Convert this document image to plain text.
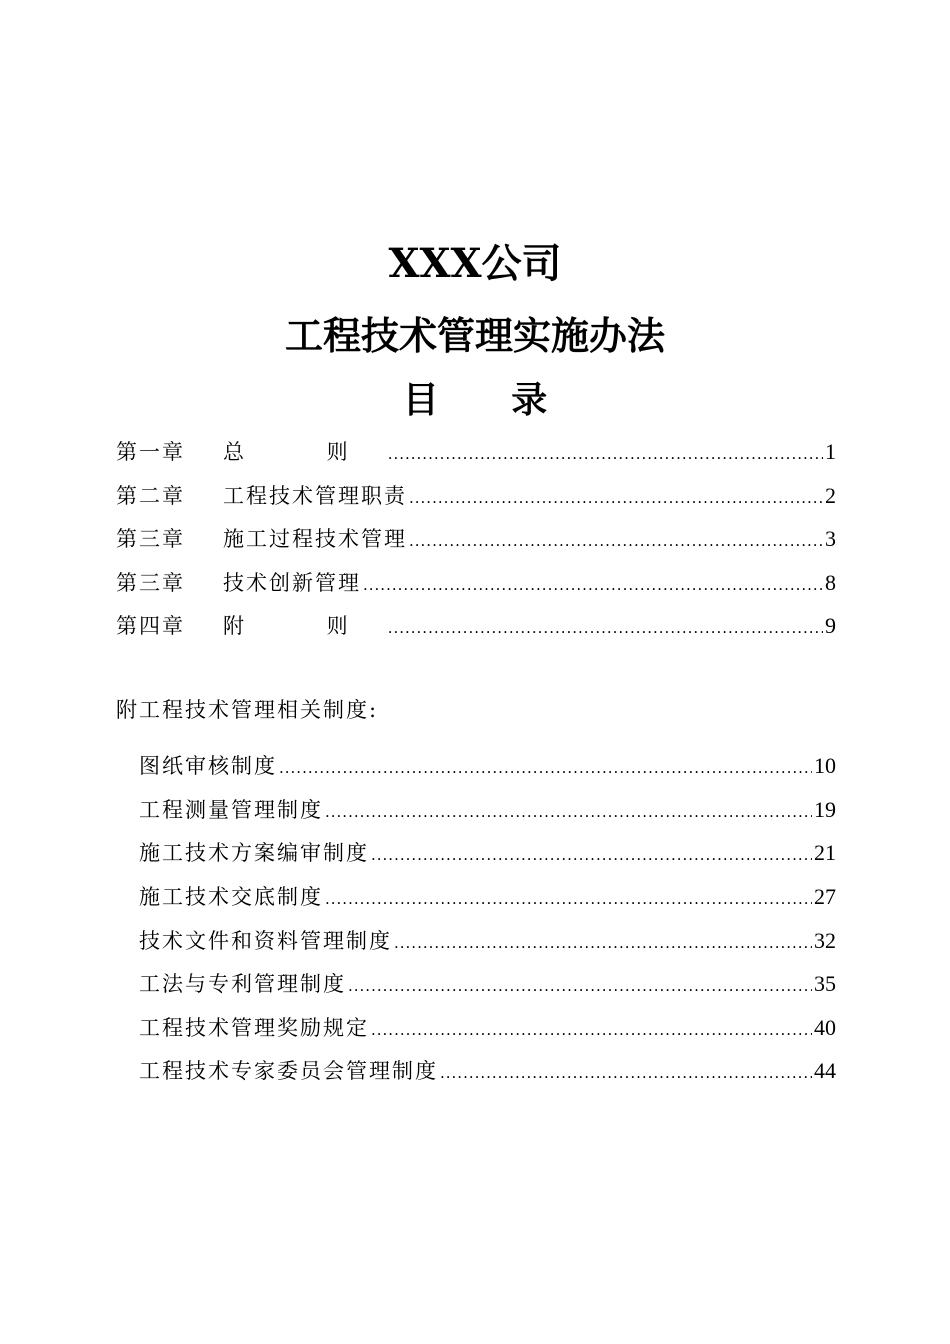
XXX公司
工程技术管理实施办法
目 录
第一章	总 则 .....	1
第二章	工程技术管理职责 .....	2
第三章	施工过程技术管理 .....	3
第三章	技术创新管理 .....	8
第四章	附 则 .....	9
附工程技术管理相关制度:
图纸审核制度 .....	10
工程测量管理制度 .....	19
施工技术方案编审制度 .....	21
施工技术交底制度 .....	27
技术文件和资料管理制度 .....	32
工法与专利管理制度 .....	35
工程技术管理奖励规定 .....	40
工程技术专家委员会管理制度 .....	44
